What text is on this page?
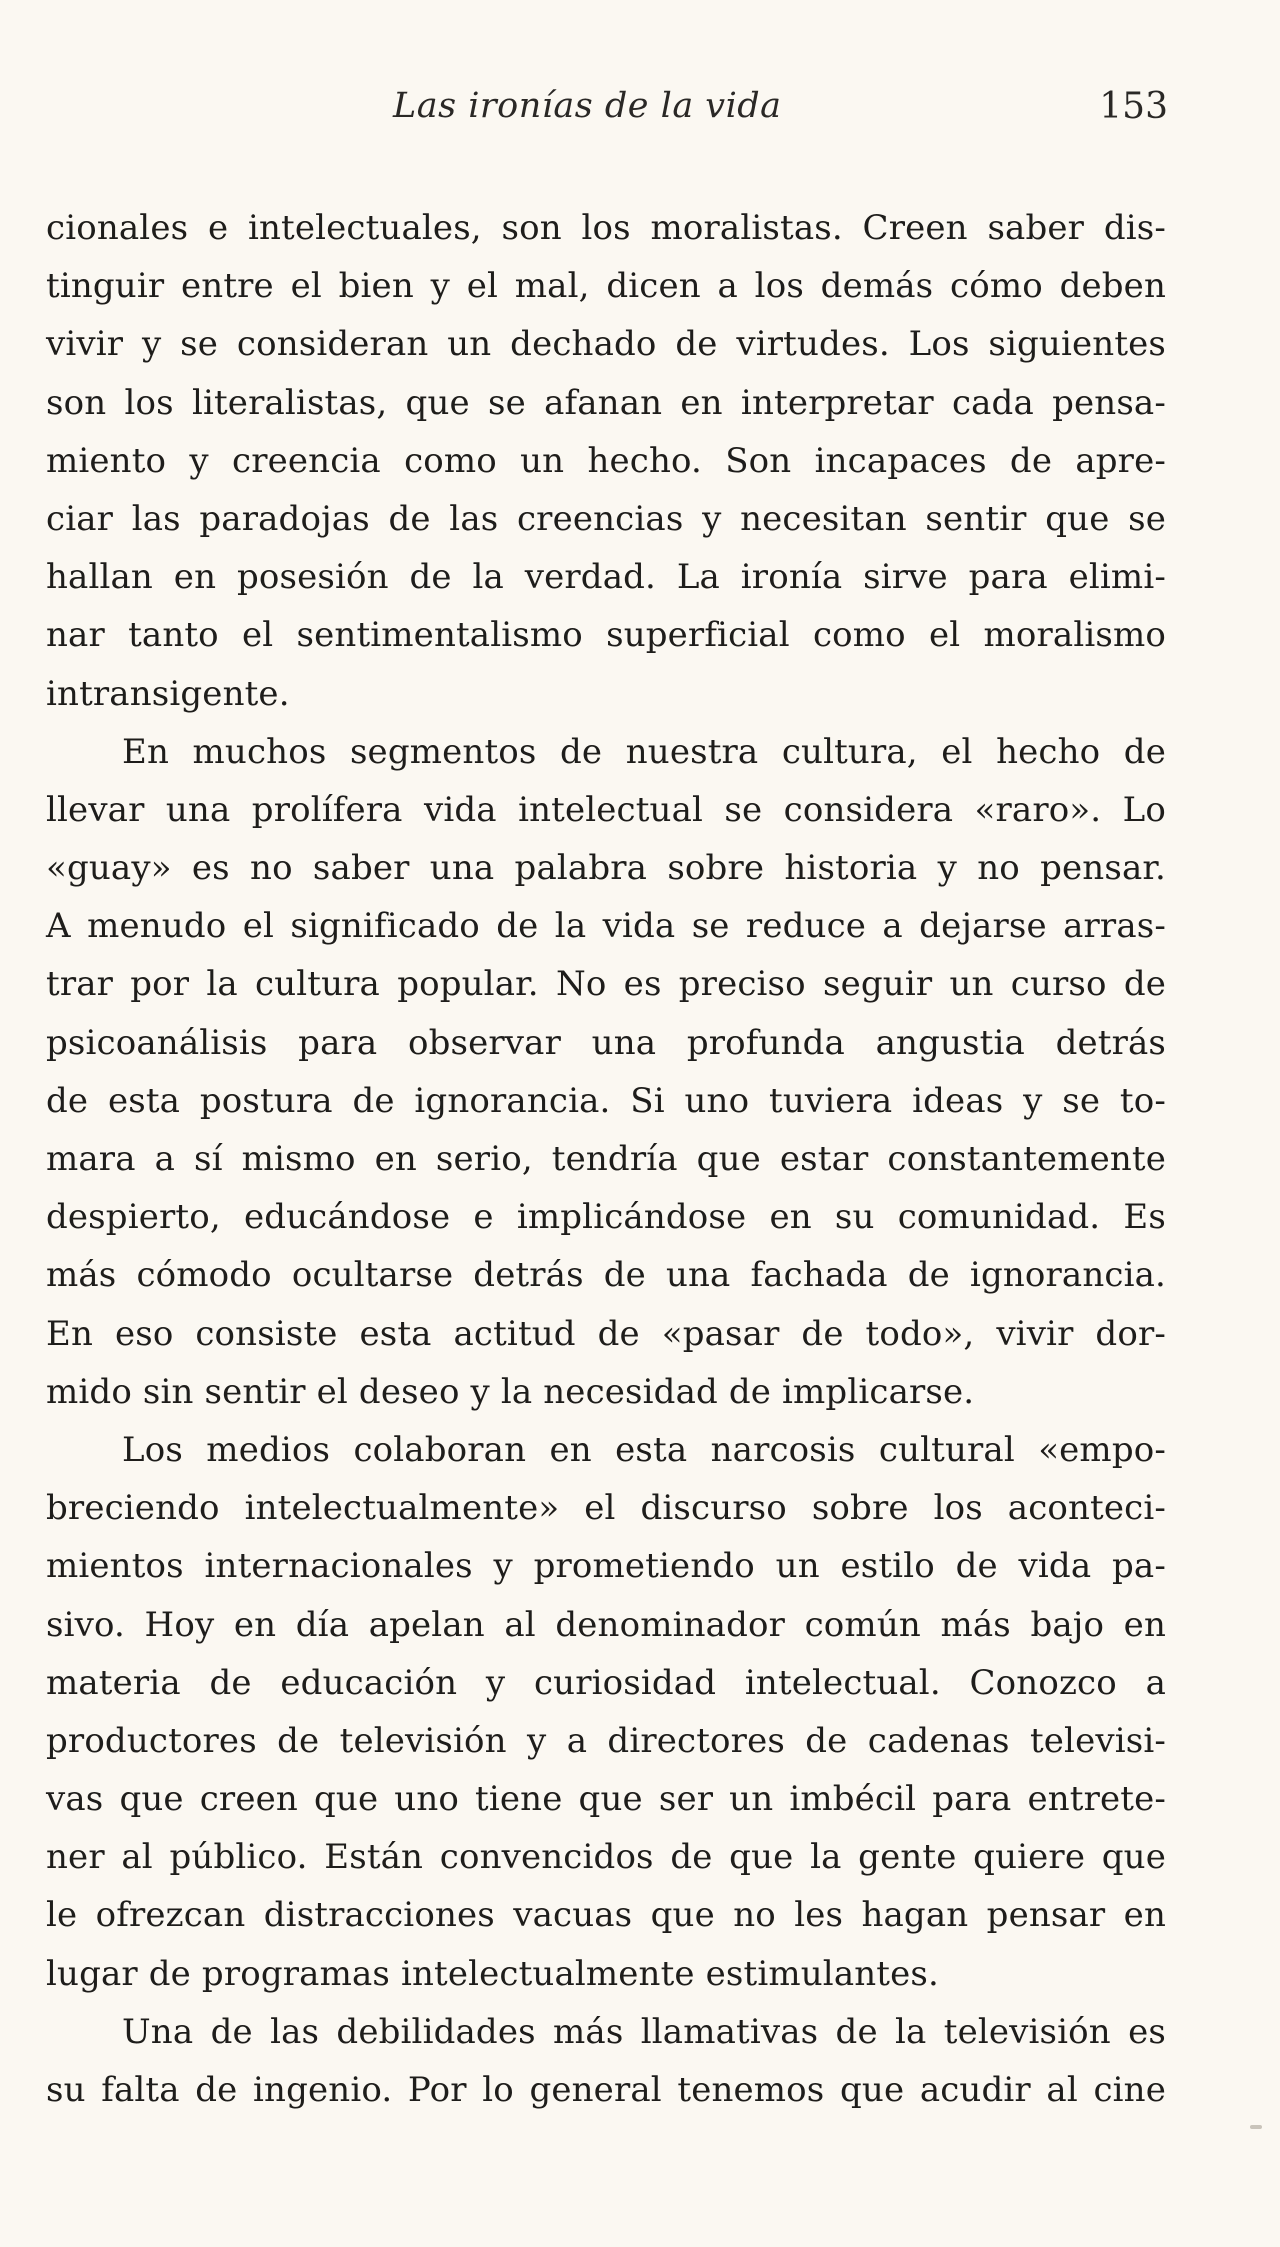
Las ironías de la vida	153
cionales e intelectuales, son los moralistas. Creen saber dis-
tinguir entre el bien y el mal, dicen a los demás cómo deben
vivir y se consideran un dechado de virtudes. Los siguientes
son los literalistas, que se afanan en interpretar cada pensa-
miento y creencia como un hecho. Son incapaces de apre-
ciar las paradojas de las creencias y necesitan sentir que se
hallan en posesión de la verdad. La ironía sirve para elimi-
nar tanto el sentimentalismo superficial como el moralismo
intransigente.
En muchos segmentos de nuestra cultura, el hecho de
llevar una prolífera vida intelectual se considera «raro». Lo
«guay» es no saber una palabra sobre historia y no pensar.
A menudo el significado de la vida se reduce a dejarse arras-
trar por la cultura popular. No es preciso seguir un curso de
psicoanálisis para observar una profunda angustia detrás
de esta postura de ignorancia. Si uno tuviera ideas y se to-
mara a sí mismo en serio, tendría que estar constantemente
despierto, educándose e implicándose en su comunidad. Es
más cómodo ocultarse detrás de una fachada de ignorancia.
En eso consiste esta actitud de «pasar de todo», vivir dor-
mido sin sentir el deseo y la necesidad de implicarse.
Los medios colaboran en esta narcosis cultural «empo-
breciendo intelectualmente» el discurso sobre los aconteci-
mientos internacionales y prometiendo un estilo de vida pa-
sivo. Hoy en día apelan al denominador común más bajo en
materia de educación y curiosidad intelectual. Conozco a
productores de televisión y a directores de cadenas televisi-
vas que creen que uno tiene que ser un imbécil para entrete-
ner al público. Están convencidos de que la gente quiere que
le ofrezcan distracciones vacuas que no les hagan pensar en
lugar de programas intelectualmente estimulantes.
Una de las debilidades más llamativas de la televisión es
su falta de ingenio. Por lo general tenemos que acudir al cine
